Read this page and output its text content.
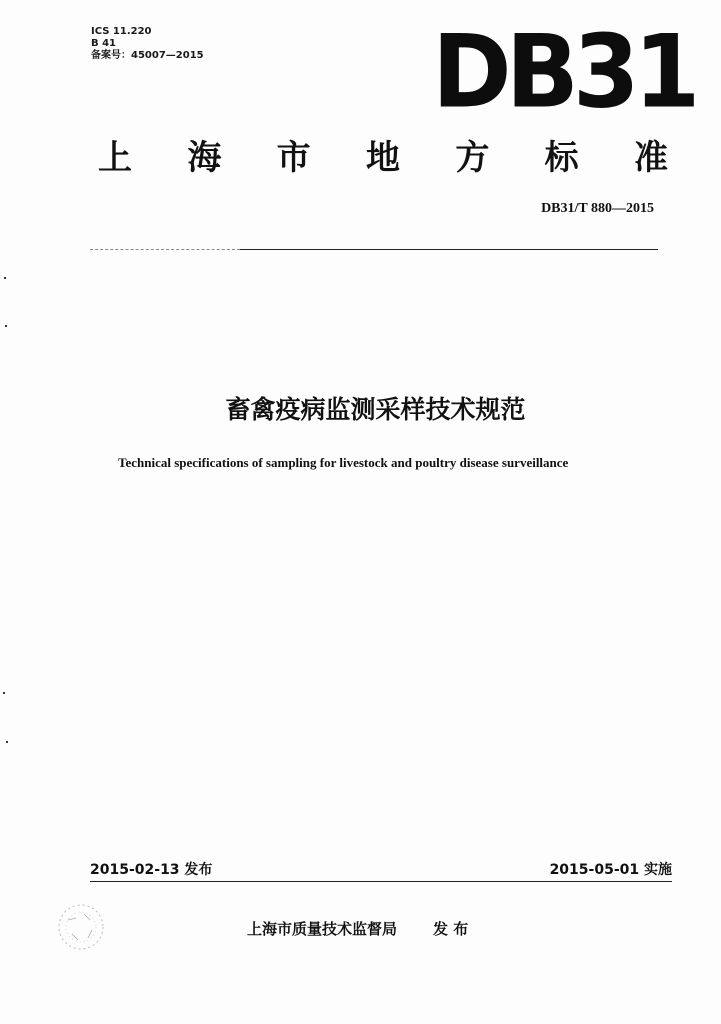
ICS 11.220
B 41
备案号：45007—2015 DB31
上 海 市 地 方 标 准
DB31/T 880—2015
畜禽疫病监测采样技术规范
Technical specifications of sampling for livestock and poultry disease surveillance
2015-02-13 发布	2015-05-01 实施
上海市质量技术监督局 发 布
